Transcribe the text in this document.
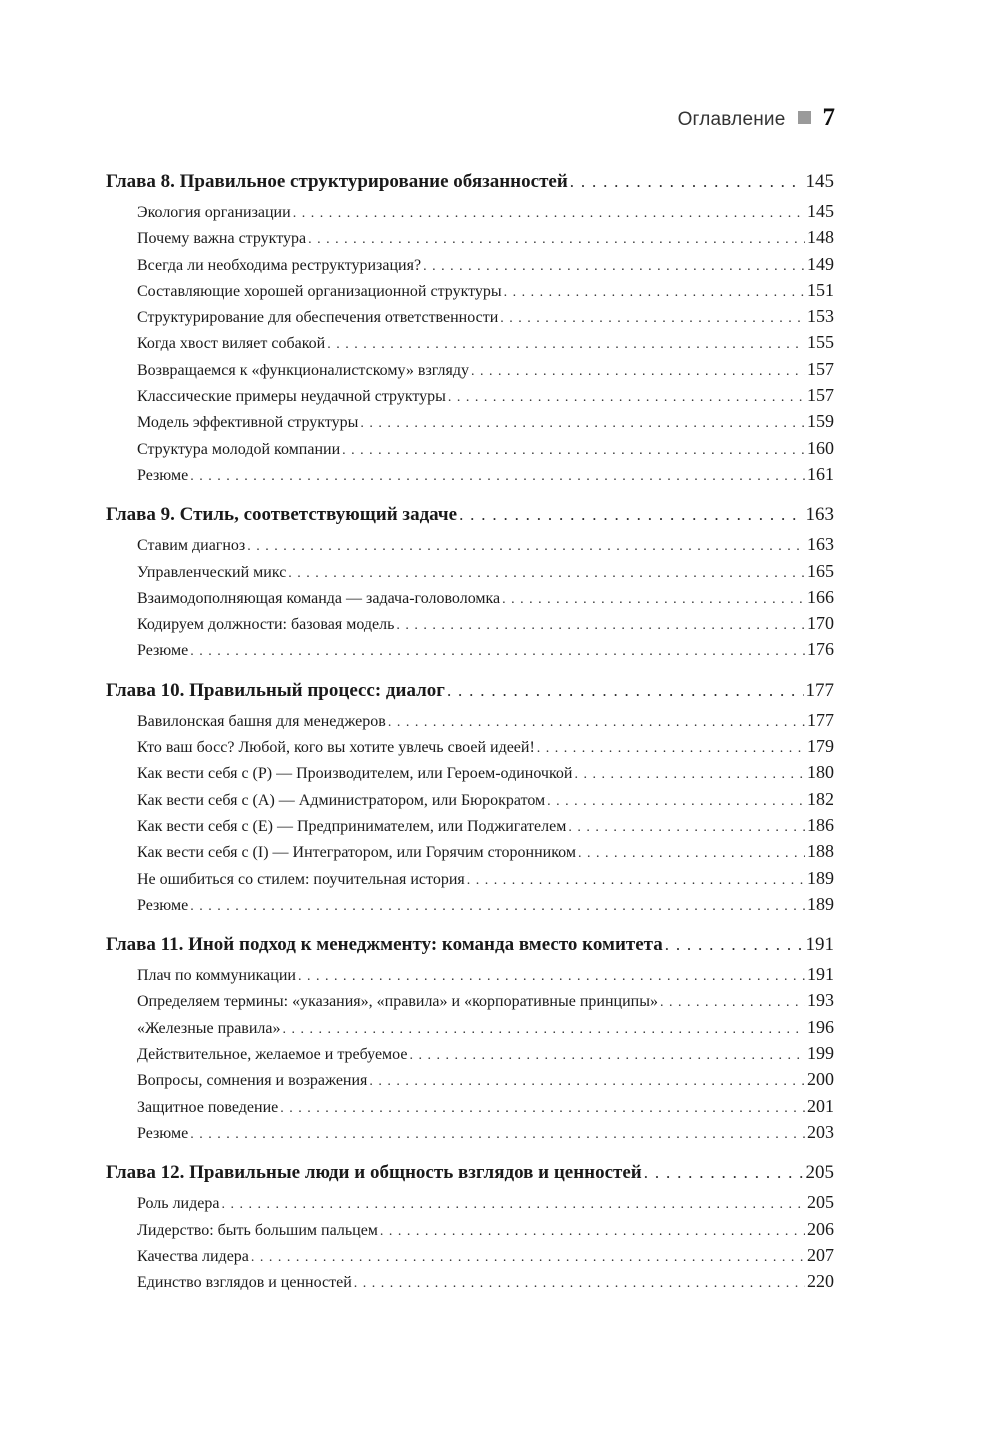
Оглавление 7
Глава 8. Правильное структурирование обязанностей . . .	145
Экология организации . . .	145
Почему важна структура . . .	148
Всегда ли необходима реструктуризация? . . .	149
Составляющие хорошей организационной структуры . . .	151
Структурирование для обеспечения ответственности . . .	153
Когда хвост виляет собакой . . .	155
Возвращаемся к «функционалистскому» взгляду . . .	157
Классические примеры неудачной структуры . . .	157
Модель эффективной структуры . . .	159
Структура молодой компании . . .	160
Резюме . . .	161
Глава 9. Стиль, соответствующий задаче . . .	163
Ставим диагноз . . .	163
Управленческий микс . . .	165
Взаимодополняющая команда — задача-головоломка . . .	166
Кодируем должности: базовая модель . . .	170
Резюме . . .	176
Глава 10. Правильный процесс: диалог . . .	177
Вавилонская башня для менеджеров . . .	177
Кто ваш босс? Любой, кого вы хотите увлечь своей идеей! . . .	179
Как вести себя с (P) — Производителем, или Героем-одиночкой . . .	180
Как вести себя с (A) — Администратором, или Бюрократом . . .	182
Как вести себя с (E) — Предпринимателем, или Поджигателем . . .	186
Как вести себя с (I) — Интегратором, или Горячим сторонником . . .	188
Не ошибиться со стилем: поучительная история . . .	189
Резюме . . .	189
Глава 11. Иной подход к менеджменту: команда вместо комитета . . .	191
Плач по коммуникации . . .	191
Определяем термины: «указания», «правила» и «корпоративные принципы» . . .	193
«Железные правила» . . .	196
Действительное, желаемое и требуемое . . .	199
Вопросы, сомнения и возражения . . .	200
Защитное поведение . . .	201
Резюме . . .	203
Глава 12. Правильные люди и общность взглядов и ценностей . . .	205
Роль лидера . . .	205
Лидерство: быть большим пальцем . . .	206
Качества лидера . . .	207
Единство взглядов и ценностей . . .	220
